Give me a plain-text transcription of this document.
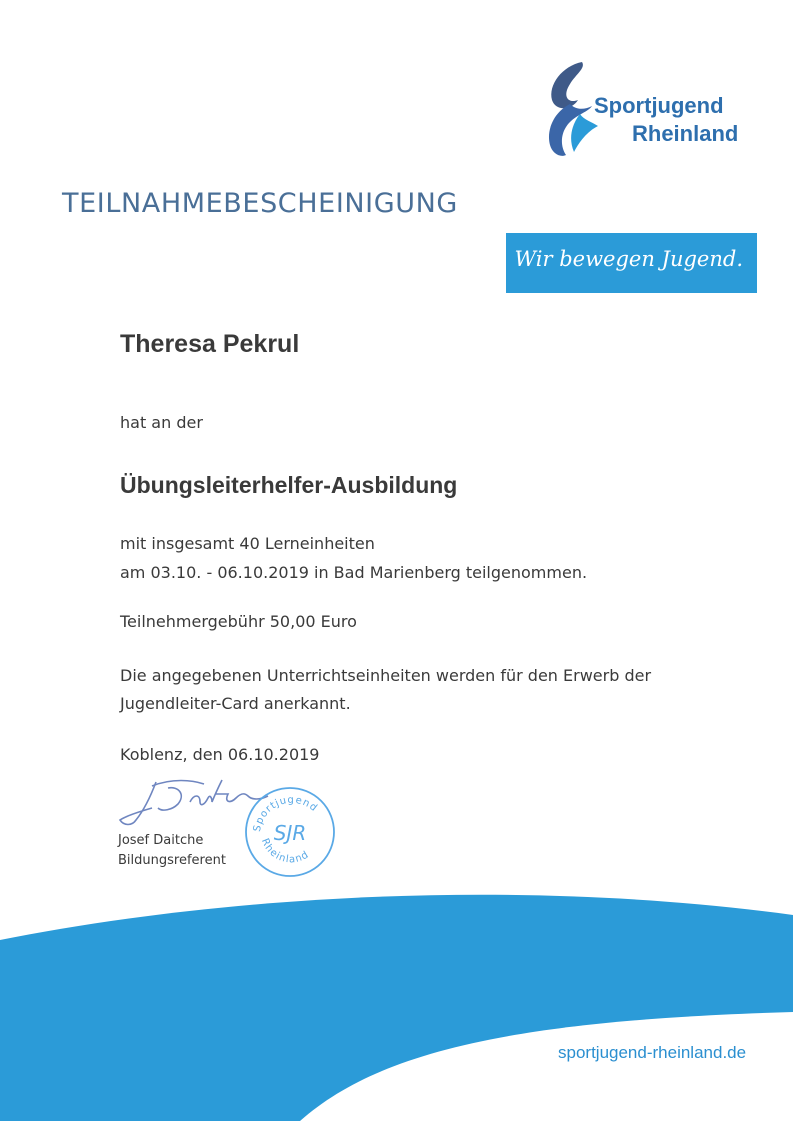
Sportjugend
Rheinland
TEILNAHMEBESCHEINIGUNG
Wir bewegen Jugend.
Theresa Pekrul
hat an der
Übungsleiterhelfer-Ausbildung
mit insgesamt 40 Lerneinheiten
am 03.10. - 06.10.2019 in Bad Marienberg teilgenommen.
Teilnehmergebühr 50,00 Euro
Die angegebenen Unterrichtseinheiten werden für den Erwerb der
Jugendleiter-Card anerkannt.
Koblenz, den 06.10.2019
Sportjugend
SJR
Rheinland
Josef Daitche
Bildungsreferent
sportjugend-rheinland.de
